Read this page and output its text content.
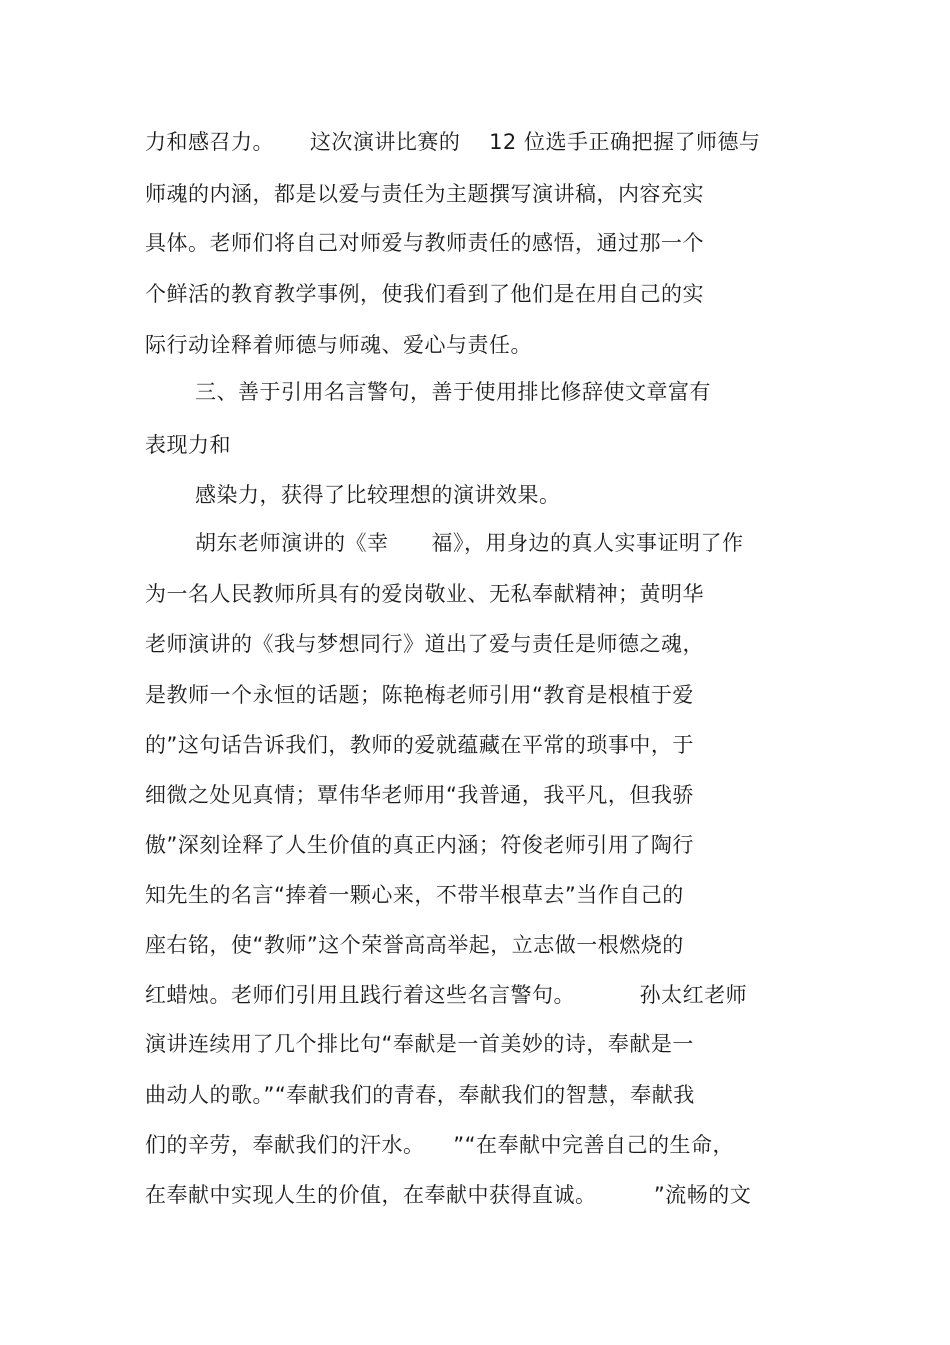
力和感召力。     这次演讲比赛的    12 位选手正确把握了师德与
师魂的内涵，都是以爱与责任为主题撰写演讲稿，内容充实
具体。老师们将自己对师爱与教师责任的感悟，通过那一个
个鲜活的教育教学事例，使我们看到了他们是在用自己的实
际行动诠释着师德与师魂、爱心与责任。
三、善于引用名言警句，善于使用排比修辞使文章富有
表现力和
感染力，获得了比较理想的演讲效果。
胡东老师演讲的《幸      福》，用身边的真人实事证明了作
为一名人民教师所具有的爱岗敬业、无私奉献精神；黄明华
老师演讲的《我与梦想同行》道出了爱与责任是师德之魂，
是教师一个永恒的话题；陈艳梅老师引用“教育是根植于爱
的”这句话告诉我们，教师的爱就蕴藏在平常的琐事中，于
细微之处见真情；覃伟华老师用“我普通，我平凡，但我骄
傲”深刻诠释了人生价值的真正内涵；符俊老师引用了陶行
知先生的名言“捧着一颗心来，不带半根草去”当作自己的
座右铭，使“教师”这个荣誉高高举起，立志做一根燃烧的
红蜡烛。老师们引用且践行着这些名言警句。         孙太红老师
演讲连续用了几个排比句“奉献是一首美妙的诗，奉献是一
曲动人的歌。”“奉献我们的青春，奉献我们的智慧，奉献我
们的辛劳，奉献我们的汗水。    ”“在奉献中完善自己的生命，
在奉献中实现人生的价值，在奉献中获得直诚。        ”流畅的文
